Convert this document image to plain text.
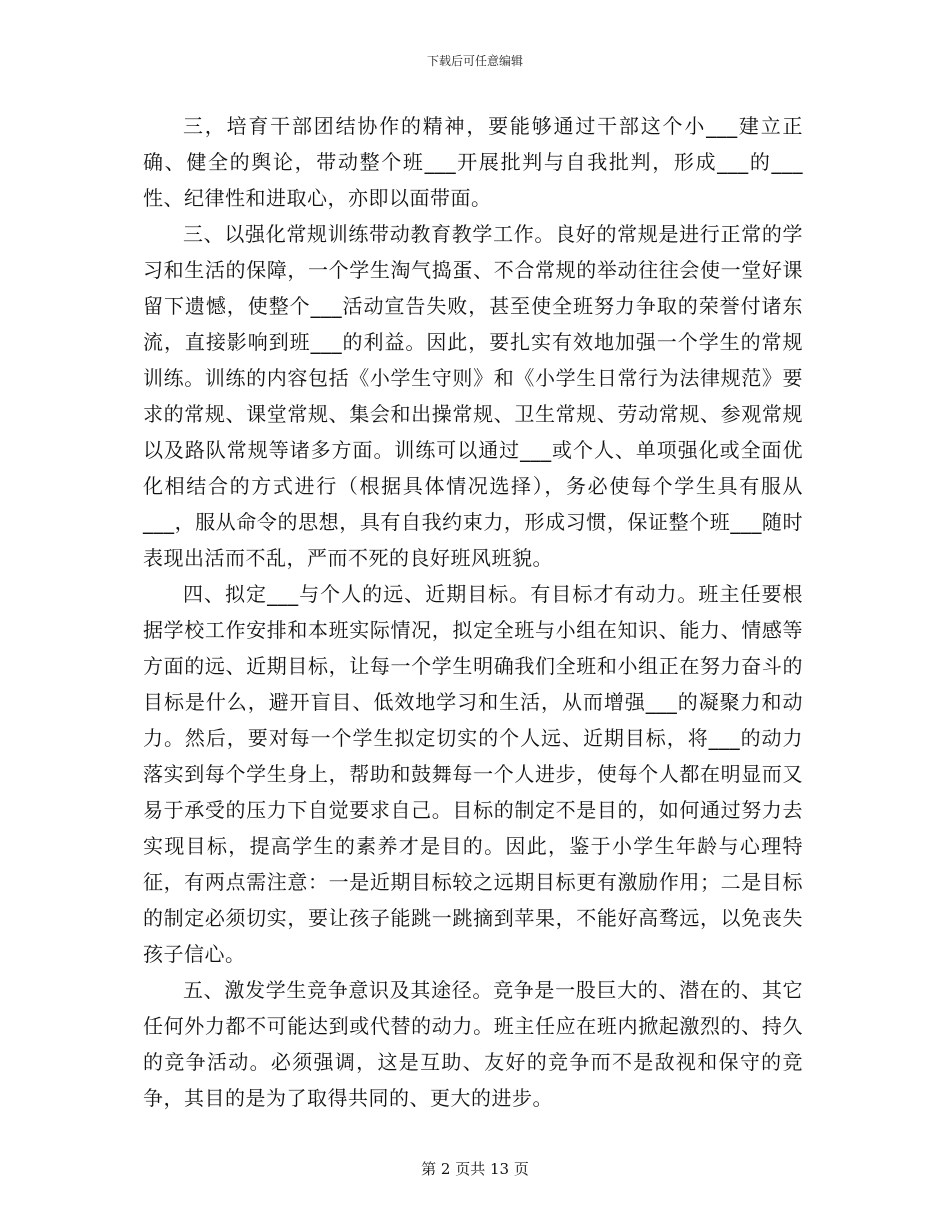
下载后可任意编辑

三，培育干部团结协作的精神，要能够通过干部这个小___建立正确、健全的舆论，带动整个班___开展批判与自我批判，形成___的___性、纪律性和进取心，亦即以面带面。

三、以强化常规训练带动教育教学工作。良好的常规是进行正常的学习和生活的保障，一个学生淘气捣蛋、不合常规的举动往往会使一堂好课留下遗憾，使整个___活动宣告失败，甚至使全班努力争取的荣誉付诸东流，直接影响到班___的利益。因此，要扎实有效地加强一个学生的常规训练。训练的内容包括《小学生守则》和《小学生日常行为法律规范》要求的常规、课堂常规、集会和出操常规、卫生常规、劳动常规、参观常规以及路队常规等诸多方面。训练可以通过___或个人、单项强化或全面优化相结合的方式进行（根据具体情况选择），务必使每个学生具有服从___，服从命令的思想，具有自我约束力，形成习惯，保证整个班___随时表现出活而不乱，严而不死的良好班风班貌。

四、拟定___与个人的远、近期目标。有目标才有动力。班主任要根据学校工作安排和本班实际情况，拟定全班与小组在知识、能力、情感等方面的远、近期目标，让每一个学生明确我们全班和小组正在努力奋斗的目标是什么，避开盲目、低效地学习和生活，从而增强___的凝聚力和动力。然后，要对每一个学生拟定切实的个人远、近期目标，将___的动力落实到每个学生身上，帮助和鼓舞每一个人进步，使每个人都在明显而又易于承受的压力下自觉要求自己。目标的制定不是目的，如何通过努力去实现目标，提高学生的素养才是目的。因此，鉴于小学生年龄与心理特征，有两点需注意：一是近期目标较之远期目标更有激励作用；二是目标的制定必须切实，要让孩子能跳一跳摘到苹果，不能好高骛远，以免丧失孩子信心。

五、激发学生竞争意识及其途径。竞争是一股巨大的、潜在的、其它任何外力都不可能达到或代替的动力。班主任应在班内掀起激烈的、持久的竞争活动。必须强调，这是互助、友好的竞争而不是敌视和保守的竞争，其目的是为了取得共同的、更大的进步。

第 2 页共 13 页
